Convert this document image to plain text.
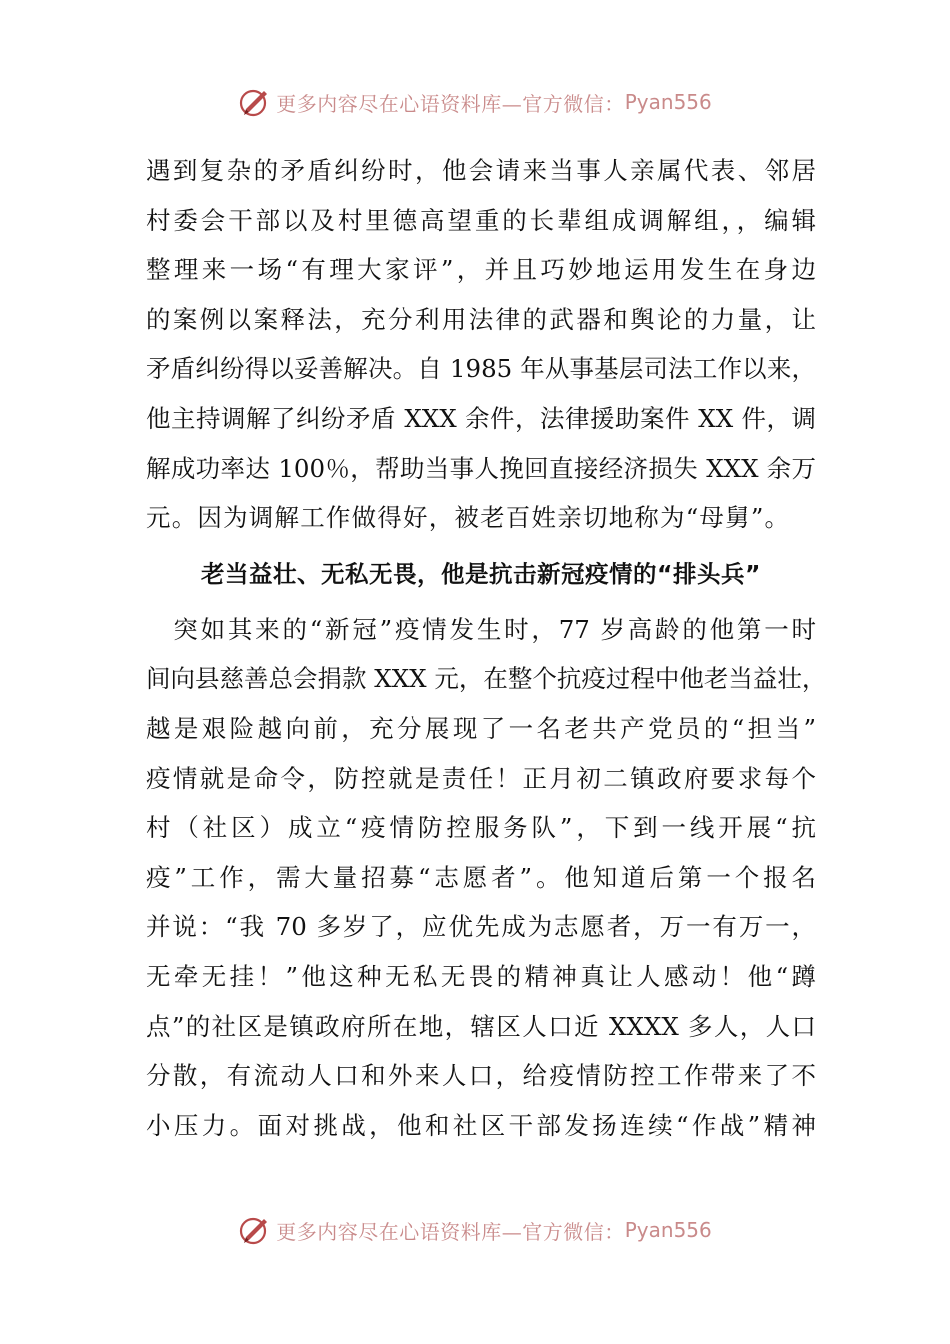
更多内容尽在心语资料库—官方微信： Pyan556
遇到复杂的矛盾纠纷时，他会请来当事人亲属代表、邻居
村委会干部以及村里德高望重的长辈组成调解组，，编辑
整理来一场“有理大家评”，并且巧妙地运用发生在身边
的案例以案释法，充分利用法律的武器和舆论的力量，让
矛盾纠纷得以妥善解决。自 1985 年从事基层司法工作以来，
他主持调解了纠纷矛盾 XXX 余件，法律援助案件 XX 件，调
解成功率达 100％，帮助当事人挽回直接经济损失 XXX 余万
元。因为调解工作做得好，被老百姓亲切地称为“母舅”。
老当益壮、无私无畏，他是抗击新冠疫情的“排头兵”
　突如其来的“新冠”疫情发生时，77 岁高龄的他第一时
间向县慈善总会捐款 XXX 元，在整个抗疫过程中他老当益壮，
越是艰险越向前，充分展现了一名老共产党员的“担当”
疫情就是命令，防控就是责任！正月初二镇政府要求每个
村（社区）成立“疫情防控服务队”，下到一线开展“抗
疫”工作，需大量招募“志愿者”。他知道后第一个报名
并说：“我 70 多岁了，应优先成为志愿者，万一有万一，
无牵无挂！”他这种无私无畏的精神真让人感动！他“蹲
点”的社区是镇政府所在地，辖区人口近 XXXX 多人，人口
分散，有流动人口和外来人口，给疫情防控工作带来了不
小压力。面对挑战，他和社区干部发扬连续“作战”精神
更多内容尽在心语资料库—官方微信： Pyan556
